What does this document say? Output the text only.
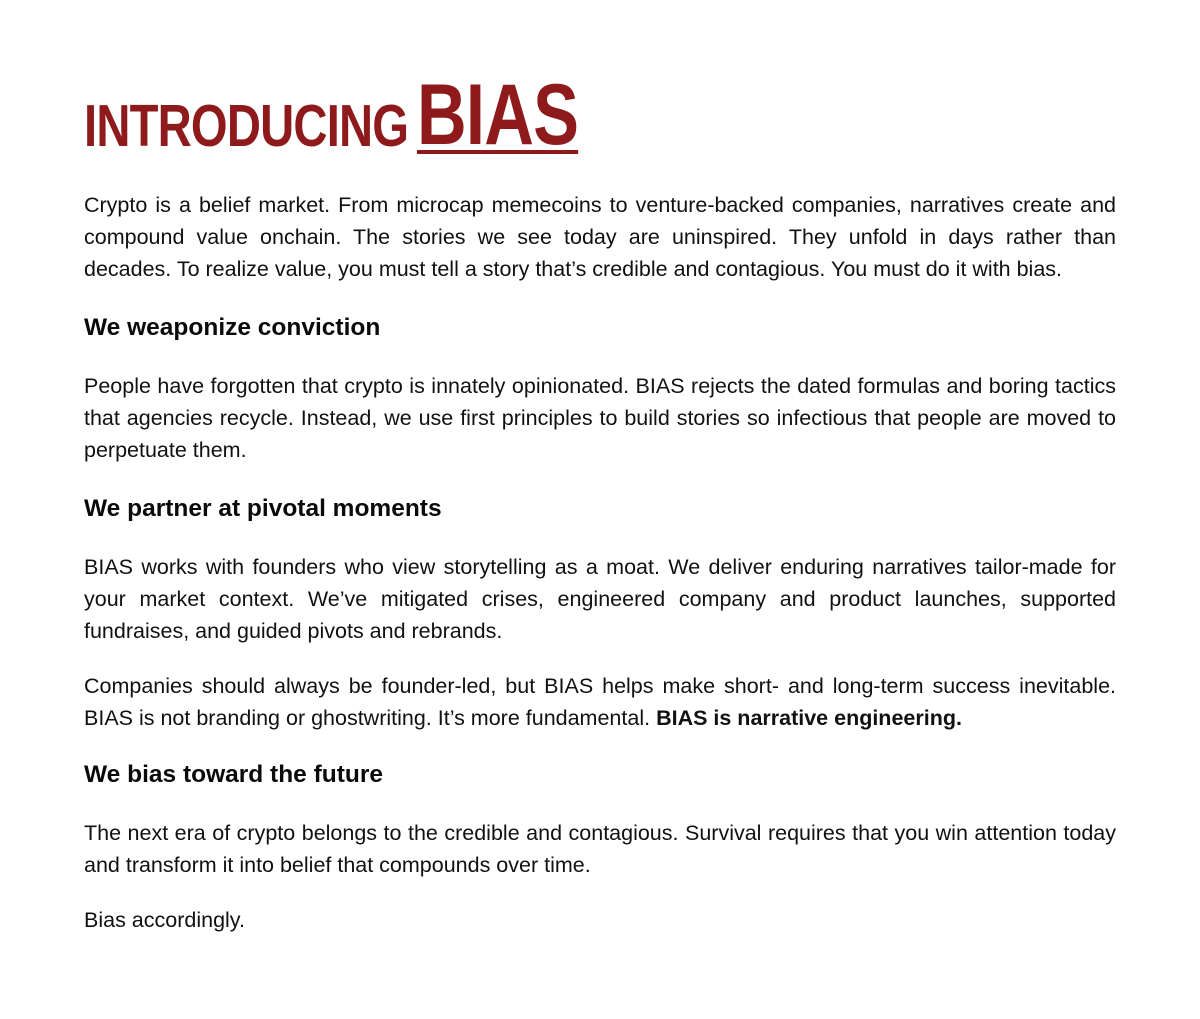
INTRODUCING BIAS

Crypto is a belief market. From microcap memecoins to venture-backed companies, narratives create and compound value onchain. The stories we see today are uninspired. They unfold in days rather than decades. To realize value, you must tell a story that’s credible and contagious. You must do it with bias.

We weaponize conviction

People have forgotten that crypto is innately opinionated. BIAS rejects the dated formulas and boring tactics that agencies recycle. Instead, we use first principles to build stories so infectious that people are moved to perpetuate them.

We partner at pivotal moments

BIAS works with founders who view storytelling as a moat. We deliver enduring narratives tailor-made for your market context. We’ve mitigated crises, engineered company and product launches, supported fundraises, and guided pivots and rebrands.

Companies should always be founder-led, but BIAS helps make short- and long-term success inevitable. BIAS is not branding or ghostwriting. It’s more fundamental. BIAS is narrative engineering.

We bias toward the future

The next era of crypto belongs to the credible and contagious. Survival requires that you win attention today and transform it into belief that compounds over time.

Bias accordingly.
